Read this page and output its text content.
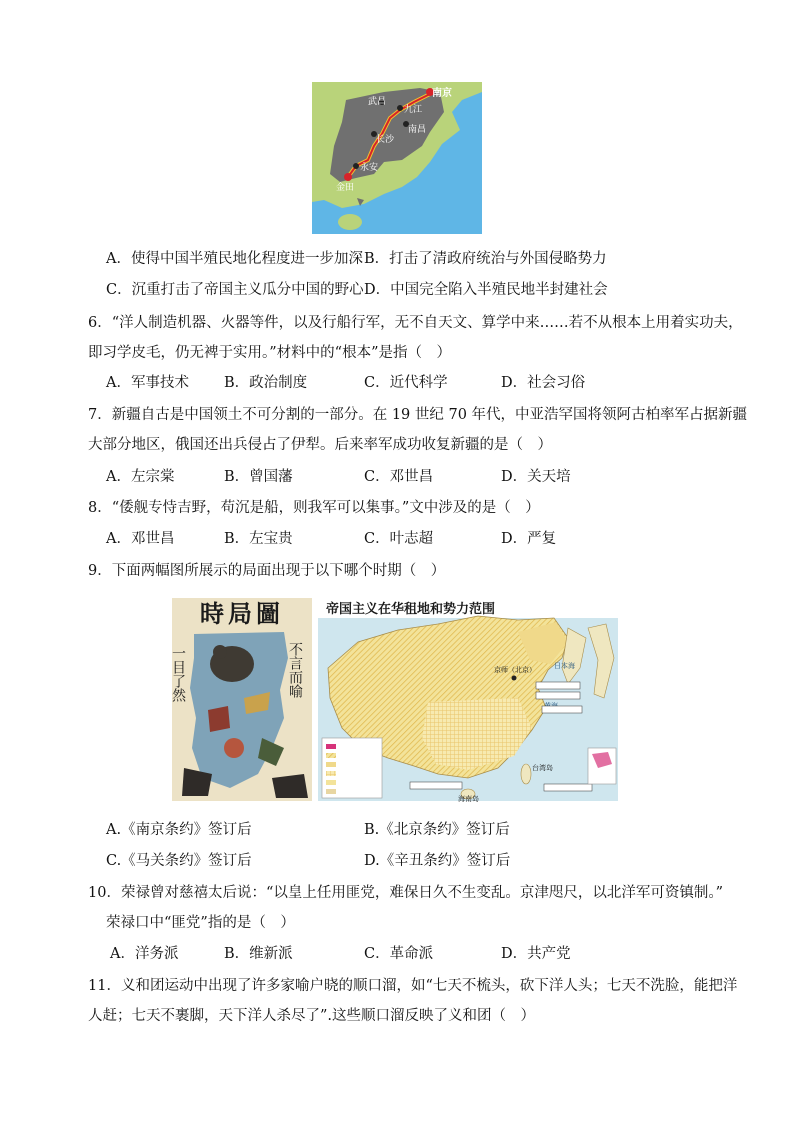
武昌
九江
南京
南昌
长沙
永安
金田
A．使得中国半殖民地化程度进一步加深 B．打击了清政府统治与外国侵略势力
C．沉重打击了帝国主义瓜分中国的野心 D．中国完全陷入半殖民地半封建社会
6．“洋人制造机器、火器等件，以及行船行军，无不自天文、算学中来……若不从根本上用着实功夫，
即习学皮毛，仍无裨于实用。”材料中的“根本”是指（　）
A．军事技术 B．政治制度	C．近代科学	D．社会习俗
7．新疆自古是中国领土不可分割的一部分。在 19 世纪 70 年代，中亚浩罕国将领阿古柏率军占据新疆
大部分地区，俄国还出兵侵占了伊犁。后来率军成功收复新疆的是（　）
A．左宗棠	B．曾国藩	C．邓世昌	D．关天培
8．“倭舰专恃吉野，苟沉是船，则我军可以集事。”文中涉及的是（　）
A．邓世昌	B．左宝贵	C．叶志超	D．严复
9．下面两幅图所展示的局面出现于以下哪个时期（　）
時局圖
一目了然	不言而喻
帝国主义在华租地和势力范围
京师（北京）	日本海
台湾岛
海南岛
A.《南京条约》签订后	B.《北京条约》签订后
C.《马关条约》签订后	D.《辛丑条约》签订后
10．荣禄曾对慈禧太后说：“以皇上任用匪党，难保日久不生变乱。京津咫尺，以北洋军可资镇制。”
荣禄口中“匪党”指的是（　）
A．洋务派	B．维新派	C．革命派	D．共产党
11．义和团运动中出现了许多家喻户晓的顺口溜，如“七天不梳头，砍下洋人头；七天不洗脸，能把洋
人赶；七天不裹脚，天下洋人杀尽了”.这些顺口溜反映了义和团（　）
